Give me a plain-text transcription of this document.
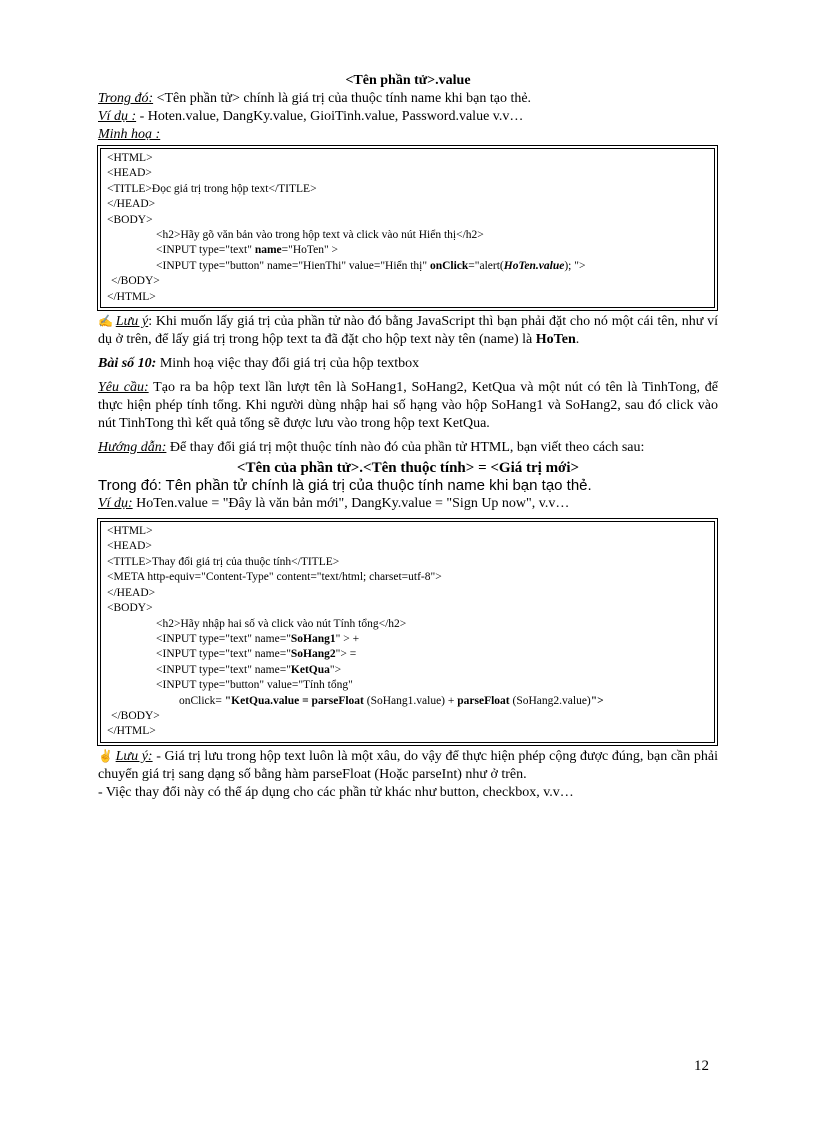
<Tên phần tử>.value
Trong đó: <Tên phần tử> chính là giá trị của thuộc tính name khi bạn tạo thẻ.
Ví dụ : - Hoten.value, DangKy.value, GioiTinh.value, Password.value v.v…
Minh hoạ :
<HTML>
<HEAD>
<TITLE>Đọc giá trị trong hộp text</TITLE>
</HEAD>
<BODY>
<h2>Hãy gõ văn bản vào trong hộp text và click vào nút Hiển thị</h2>
<INPUT type="text" name="HoTen" >
<INPUT type="button" name="HienThi" value="Hiển thị" onClick="alert(HoTen.value); ">
</BODY>
</HTML>
✍ Lưu ý: Khi muốn lấy giá trị của phần tử nào đó bằng JavaScript thì bạn phải đặt cho nó một cái tên, như ví dụ ở trên, để lấy giá trị trong hộp text ta đã đặt cho hộp text này tên (name) là HoTen.
Bài số 10: Minh hoạ việc thay đổi giá trị của hộp textbox
Yêu cầu: Tạo ra ba hộp text lần lượt tên là SoHang1, SoHang2, KetQua và một nút có tên là TinhTong, để thực hiện phép tính tổng. Khi người dùng nhập hai số hạng vào hộp SoHang1 và SoHang2, sau đó click vào nút TinhTong thì kết quả tổng sẽ được lưu vào trong hộp text KetQua.
Hướng dẫn: Để thay đổi giá trị một thuộc tính nào đó của phần tử HTML, bạn viết theo cách sau:
<Tên của phần tử>.<Tên thuộc tính> = <Giá trị mới>
Trong đó: Tên phần tử chính là giá trị của thuộc tính name khi bạn tạo thẻ.
Ví dụ: HoTen.value = "Đây là văn bản mới", DangKy.value = "Sign Up now", v.v…
<HTML>
<HEAD>
<TITLE>Thay đổi giá trị của thuộc tính</TITLE>
<META http-equiv="Content-Type" content="text/html; charset=utf-8">
</HEAD>
<BODY>
<h2>Hãy nhập hai số và click vào nút Tính tổng</h2>
<INPUT type="text" name="SoHang1" > +
<INPUT type="text" name="SoHang2"> =
<INPUT type="text" name="KetQua">
<INPUT type="button" value="Tính tổng"
onClick= "KetQua.value = parseFloat (SoHang1.value) + parseFloat (SoHang2.value)">
</BODY>
</HTML>
✌ Lưu ý: - Giá trị lưu trong hộp text luôn là một xâu, do vậy để thực hiện phép cộng được đúng, bạn cần phải chuyển giá trị sang dạng số bằng hàm parseFloat (Hoặc parseInt) như ở trên.
- Việc thay đổi này có thể áp dụng cho các phần tử khác như button, checkbox, v.v…
12
